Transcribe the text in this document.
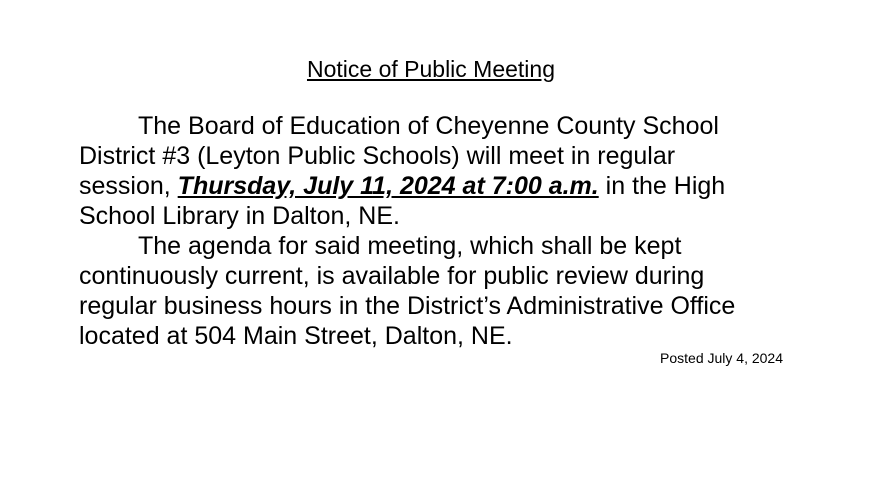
Notice of Public Meeting
The Board of Education of Cheyenne County School
District #3 (Leyton Public Schools) will meet in regular
session, Thursday, July 11, 2024 at 7:00 a.m. in the High
School Library in Dalton, NE.
The agenda for said meeting, which shall be kept
continuously current, is available for public review during
regular business hours in the District’s Administrative Office
located at 504 Main Street, Dalton, NE.
Posted July 4, 2024
